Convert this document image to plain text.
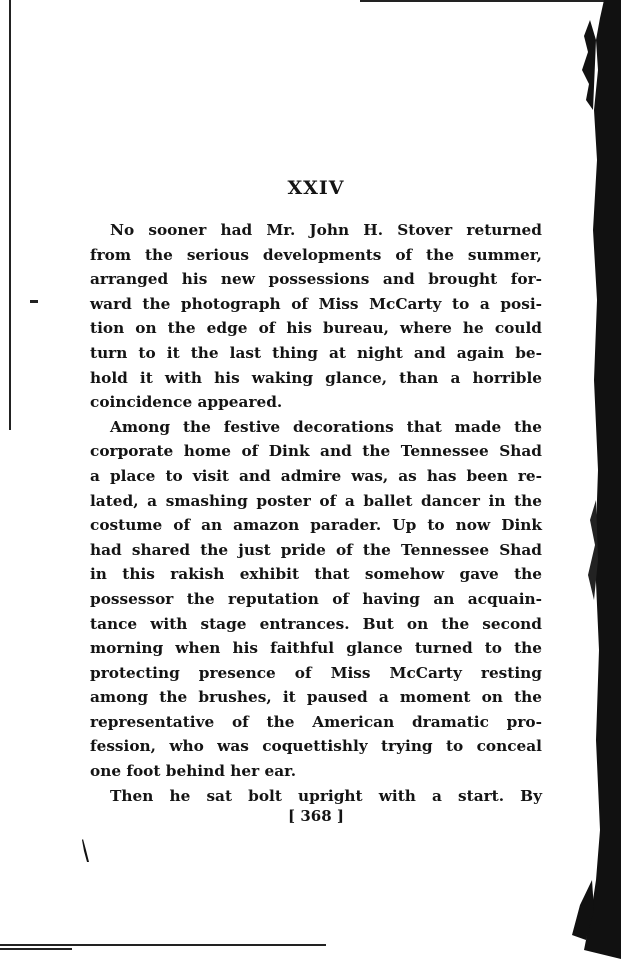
XXIV
No sooner had Mr. John H. Stover returned
from the serious developments of the summer,
arranged his new possessions and brought for-
ward the photograph of Miss McCarty to a posi-
tion on the edge of his bureau, where he could
turn to it the last thing at night and again be-
hold it with his waking glance, than a horrible
coincidence appeared.
Among the festive decorations that made the
corporate home of Dink and the Tennessee Shad
a place to visit and admire was, as has been re-
lated, a smashing poster of a ballet dancer in the
costume of an amazon parader. Up to now Dink
had shared the just pride of the Tennessee Shad
in this rakish exhibit that somehow gave the
possessor the reputation of having an acquain-
tance with stage entrances. But on the second
morning when his faithful glance turned to the
protecting presence of Miss McCarty resting
among the brushes, it paused a moment on the
representative of the American dramatic pro-
fession, who was coquettishly trying to conceal
one foot behind her ear.
Then he sat bolt upright with a start. By
[ 368 ]
